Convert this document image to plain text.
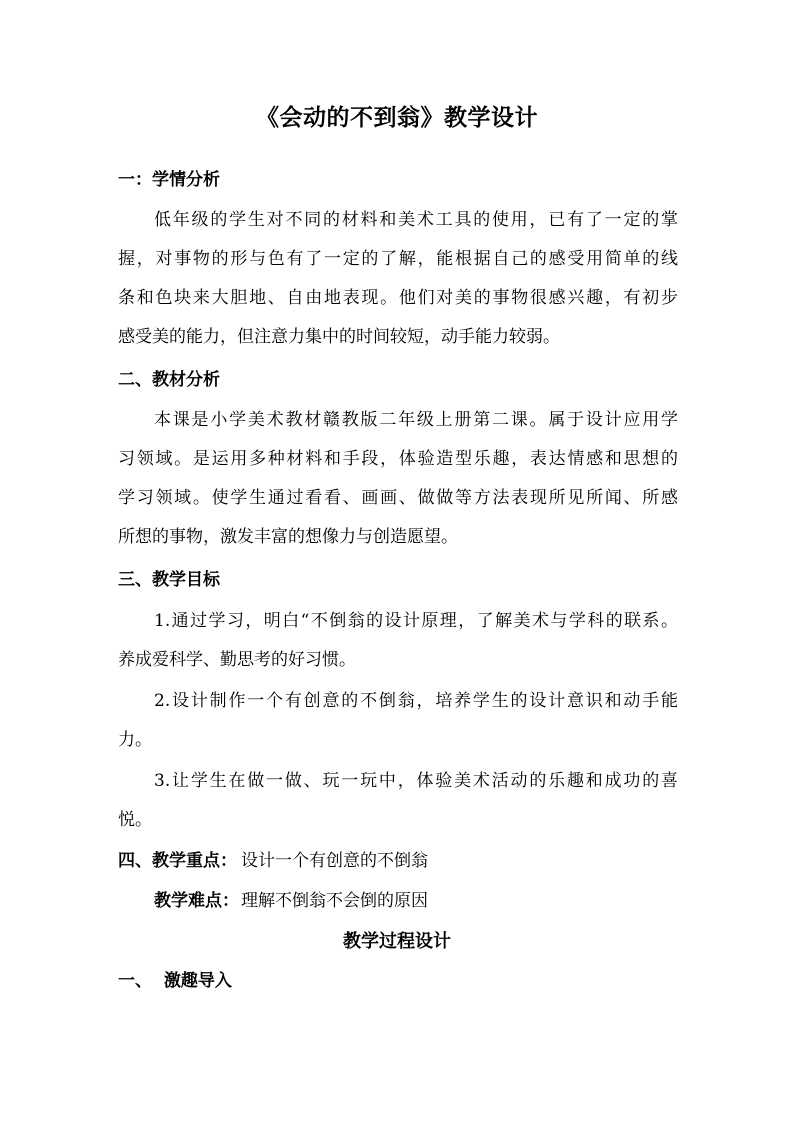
《会动的不到翁》教学设计
一：学情分析
低年级的学生对不同的材料和美术工具的使用，已有了一定的掌
握，对事物的形与色有了一定的了解，能根据自己的感受用简单的线
条和色块来大胆地、自由地表现。他们对美的事物很感兴趣，有初步
感受美的能力，但注意力集中的时间较短，动手能力较弱。
二、教材分析
本课是小学美术教材赣教版二年级上册第二课。属于设计应用学
习领域。是运用多种材料和手段，体验造型乐趣，表达情感和思想的
学习领域。使学生通过看看、画画、做做等方法表现所见所闻、所感
所想的事物，激发丰富的想像力与创造愿望。
三、教学目标
1.通过学习，明白“不倒翁的设计原理，了解美术与学科的联系。
养成爱科学、勤思考的好习惯。
2.设计制作一个有创意的不倒翁，培养学生的设计意识和动手能
力。
3.让学生在做一做、玩一玩中，体验美术活动的乐趣和成功的喜
悦。
四、教学重点： 设计一个有创意的不倒翁
教学难点： 理解不倒翁不会倒的原因
教学过程设计
一、  激趣导入
